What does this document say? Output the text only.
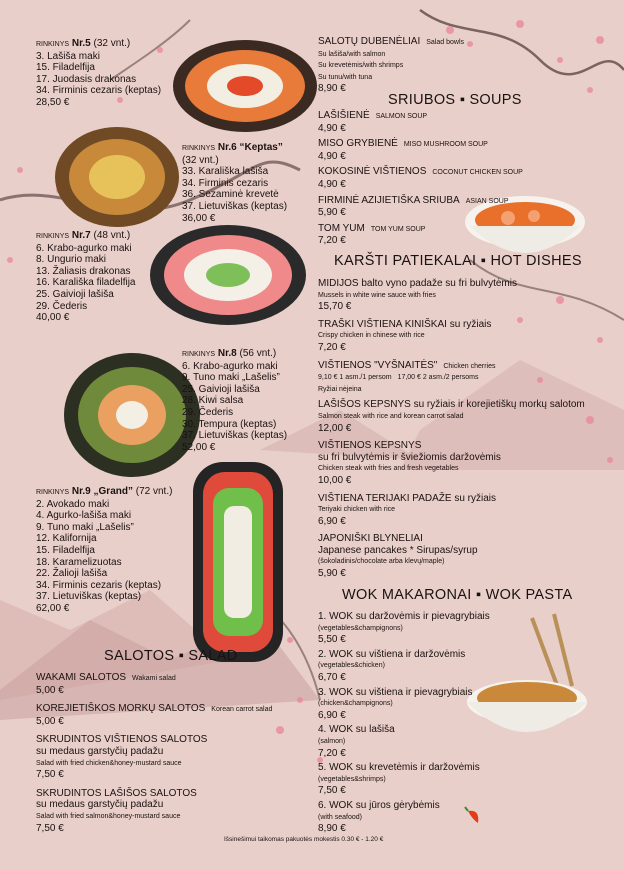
RINKINYS Nr.5 (32 vnt.)
3. Lašiša maki
15. Filadelfija
17. Juodasis drakonas
34. Firminis cezaris (keptas)
28,50 €
RINKINYS Nr.6 “Keptas”
(32 vnt.)
33. Karališka lašiša
34. Firminis cezaris
36. Sezaminė krevetė
37. Lietuviškas (keptas)
36,00 €
RINKINYS Nr.7 (48 vnt.)
6. Krabo-agurko maki
8. Ungurio maki
13. Žaliasis drakonas
16. Karališka filadelfija
25. Gaivioji lašiša
29. Čederis
40,00 €
RINKINYS Nr.8 (56 vnt.)
6. Krabo-agurko maki
9. Tuno maki „Lašelis”
25. Gaivioji lašiša
28. Kiwi salsa
29. Čederis
30. Tempura (keptas)
37. Lietuviškas (keptas)
52,00 €
RINKINYS Nr.9 „Grand” (72 vnt.)
2. Avokado maki
4. Agurko-lašišа maki
9. Tuno maki „Lašelis”
12. Kalifornija
15. Filadelfija
18. Karamelizuotas
22. Žalioji lašiša
34. Firminis cezaris (keptas)
37. Lietuviškas (keptas)
62,00 €
SALOTOS ▪ SALAD
WAKAMI SALOTOS Wakami salad
5,00 €
KOREJIETIŠKOS MORKŲ SALOTOS Korean carrot salad
5,00 €
SKRUDINTOS VIŠTIENOS SALOTOS
su medaus garstyčių padažu
Salad with fried chicken&honey-mustard sauce
7,50 €
SKRUDINTOS LAŠIŠOS SALOTOS
su medaus garstyčių padažu
Salad with fried salmon&honey-mustard sauce
7,50 €
SALOTŲ DUBENĖLIAI Salad bowls
Su lašiša/with salmon
Su krevetėmis/with shrimps
Su tunu/with tuna
8,90 €
SRIUBOS ▪ SOUPS
LAŠIŠIENĖ SALMON SOUP
4,90 €
MISO GRYBIENĖ MISO MUSHROOM SOUP
4,90 €
KOKOSINĖ VIŠTIENOS COCONUT CHICKEN SOUP
4,90 €
FIRMINĖ AZIJIETIŠKA SRIUBA ASIAN SOUP
5,90 €
TOM YUM TOM YUM SOUP
7,20 €
KARŠTI PATIEKALAI ▪ HOT DISHES
MIDIJOS balto vyno padaže su fri bulvytėmis
Mussels in white wine sauce with fries
15,70 €
TRAŠKI VIŠTIENA KINIŠKAI su ryžiais
Crispy chicken in chinese with rice
7,20 €
VIŠTIENOS "VYŠNAITĖS" Chicken cherries
9,10 € 1 asm./1 persom 17,00 € 2 asm./2 persoms
Ryžiai nėjeina
LAŠIŠOS KEPSNYS su ryžiais ir korejietiškų morkų salotom
Salmon steak with rice and korean carrot salad
12,00 €
VIŠTIENOS KEPSNYS
su fri bulvytėmis ir šviežiomis daržovėmis
Chicken steak with fries and fresh vegetables
10,00 €
VIŠTIENA TERIJAKI PADAŽE su ryžiais
Teriyaki chicken with rice
6,90 €
JAPONIŠKI BLYNELIAI
Japanese pancakes * Sirupas/syrup
(šokoladinis/chocolate arba klevų/maple)
5,90 €
WOK MAKARONAI ▪ WOK PASTA
1. WOK su daržovėmis ir pievagrybiais
(vegetables&champignons)
5,50 €
2. WOK su vištiena ir daržovėmis
(vegetables&chicken)
6,70 €
3. WOK su vištiena ir pievagrybiais
(chicken&champignons)
6,90 €
4. WOK su lašiša
(salmon)
7,20 €
5. WOK su krevetėmis ir daržovėmis
(vegetables&shrimps)
7,50 €
6. WOK su jūros gėrybėmis
(with seafood)
8,90 €
Išsinešimui taikomas pakuotės mokestis 0.30 € - 1.20 €
